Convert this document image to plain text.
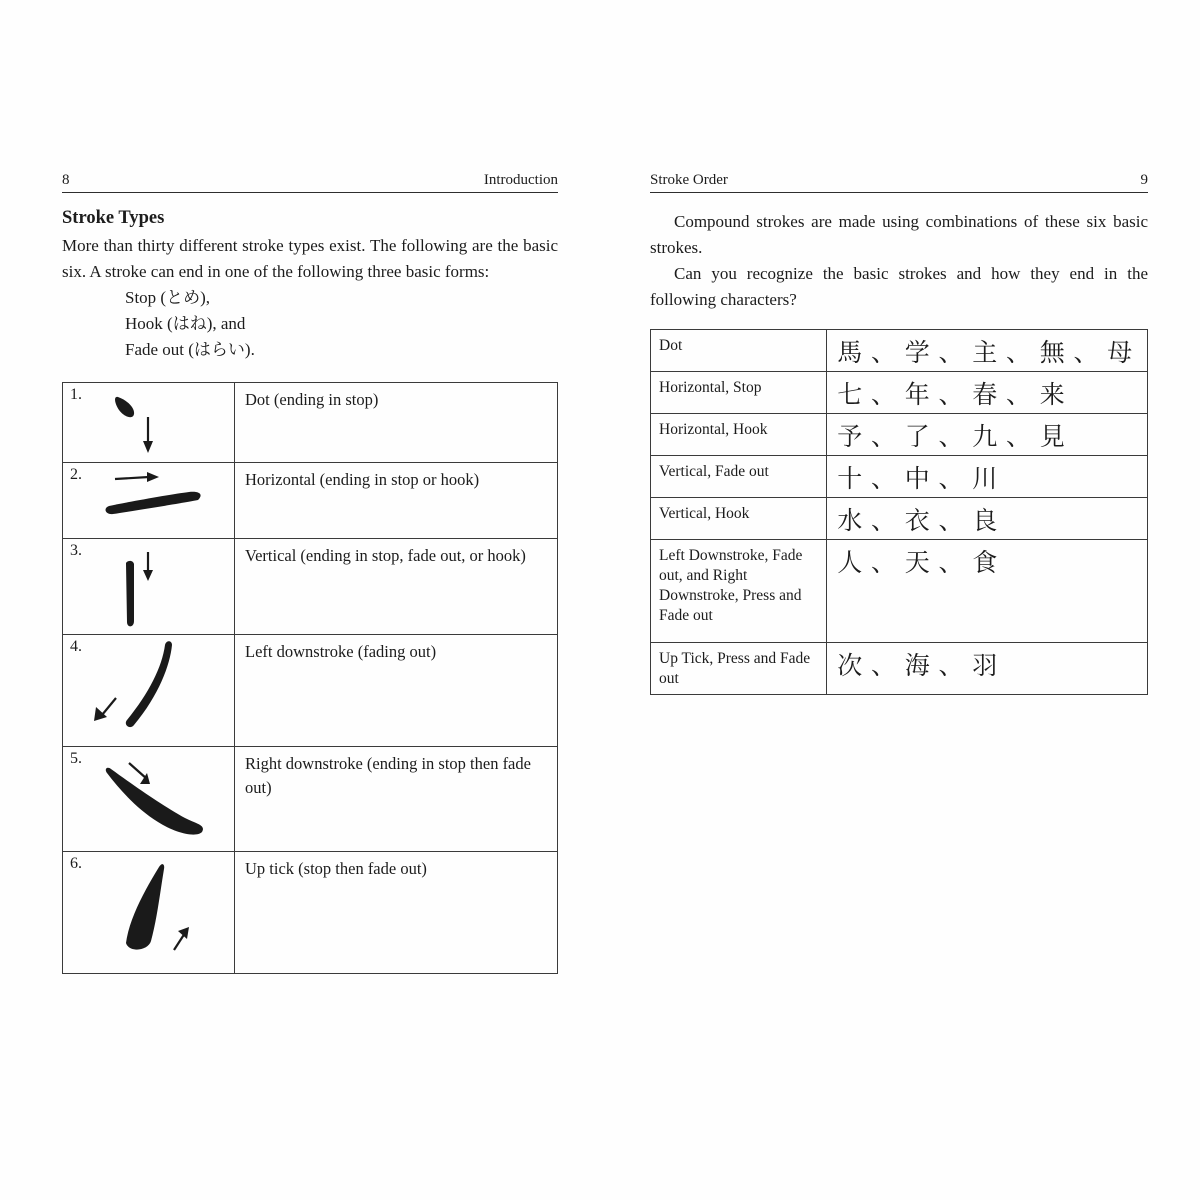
8	Introduction
Stroke Types

More than thirty different stroke types exist. The following are the basic six. A stroke can end in one of the following three basic forms:

Stop (とめ),
Hook (はね), and
Fade out (はらい).
1.	Dot (ending in stop)

2.	Horizontal (ending in stop or hook)

3.	Vertical (ending in stop, fade out, or hook)

4.	Left downstroke (fading out)

5.	Right downstroke (ending in stop then fade out)

6.	Up tick (stop then fade out)
Stroke Order	9

Compound strokes are made using combinations of these six basic strokes.

Can you recognize the basic strokes and how they end in the following characters?

Dot	馬、学、主、無、母
Horizontal, Stop	七、年、春、来
Horizontal, Hook	予、了、九、見
Vertical, Fade out	十、中、川
Vertical, Hook	水、衣、良
Left Downstroke, Fade out, and Right Downstroke, Press and Fade out	人、天、食
Up Tick, Press and Fade out	次、海、羽
